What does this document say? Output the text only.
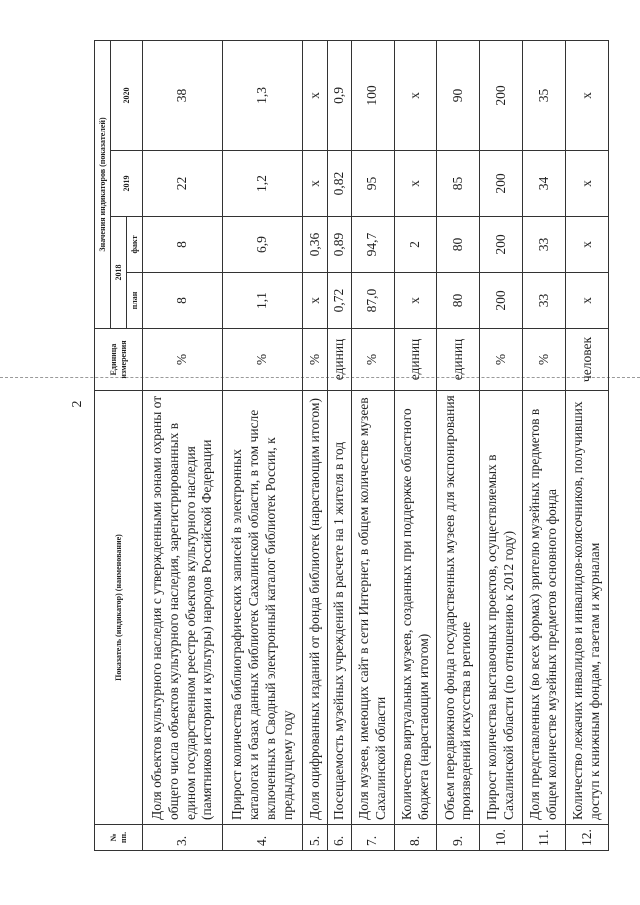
2
№ пп.	Показатель (индикатор) (наименование)	Единица измерения	Значения индикаторов (показателей)			
			2018		2019	2020
			план	факт		
3.	Доля объектов культурного наследия с утвержденными зонами охраны от общего числа объектов культурного наследия, зарегистрированных в едином государственном реестре объектов культурного наследия (памятников истории и культуры) народов Российской Федерации	%	8	8	22	38
4.	Прирост количества библиографических записей в электронных каталогах и базах данных библиотек Сахалинской области, в том числе включенных в Сводный электронный каталог библиотек России, к предыдущему году	%	1,1	6,9	1,2	1,3
5.	Доля оцифрованных изданий от фонда библиотек (нарастающим итогом)	%	х	0,36	х	х
6.	Посещаемость музейных учреждений в расчете на 1 жителя в год	единиц	0,72	0,89	0,82	0,9
7.	Доля музеев, имеющих сайт в сети Интернет, в общем количестве музеев Сахалинской области	%	87,0	94,7	95	100
8.	Количество виртуальных музеев, созданных при поддержке областного бюджета (нарастающим итогом)	единиц	х	2	х	х
9.	Объем передвижного фонда государственных музеев для экспонирования произведений искусства в регионе	единиц	80	80	85	90
10.	Прирост количества выставочных проектов, осуществляемых в Сахалинской области (по отношению к 2012 году)	%	200	200	200	200
11.	Доля представленных (во всех формах) зрителю музейных предметов в общем количестве музейных предметов основного фонда	%	33	33	34	35
12.	Количество лежачих инвалидов и инвалидов-колясочников, получивших доступ к книжным фондам, газетам и журналам	человек	х	х	х	х
